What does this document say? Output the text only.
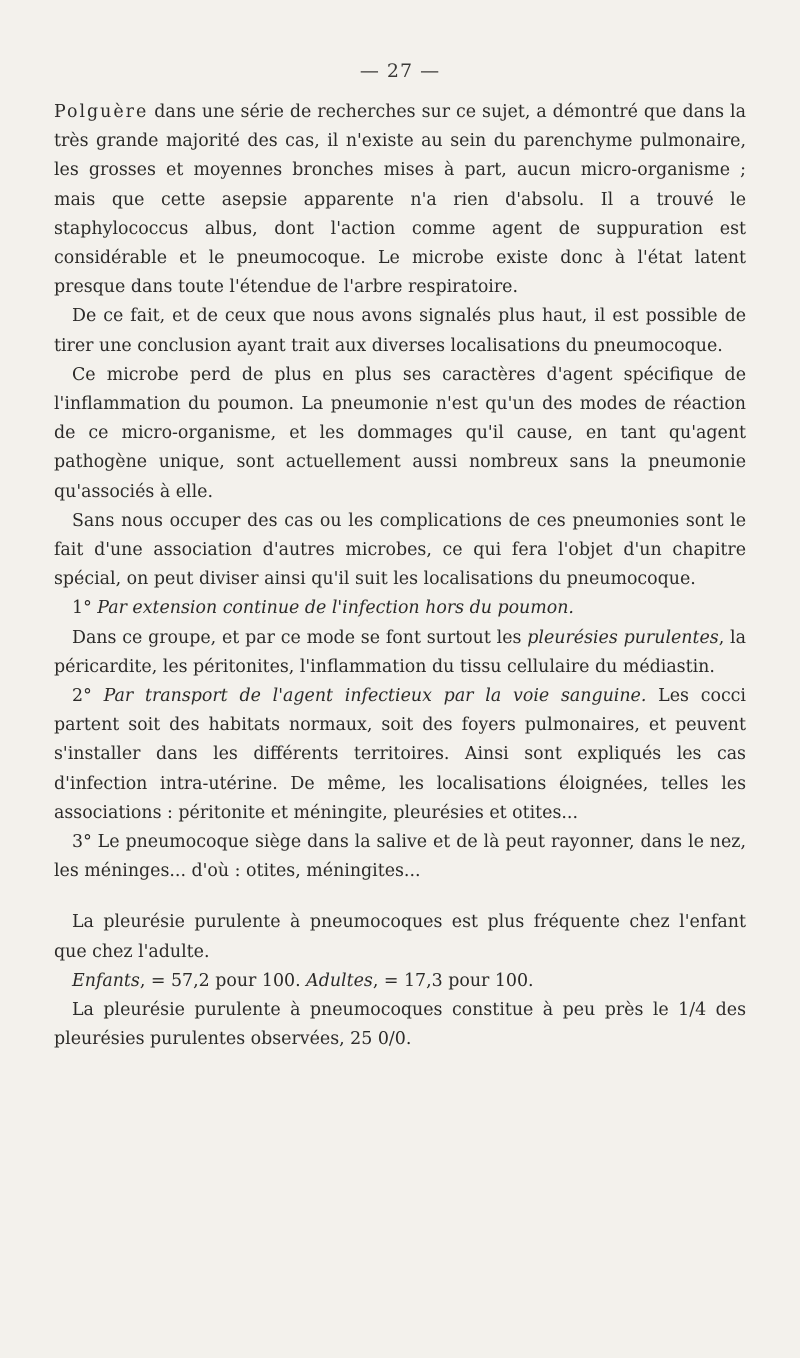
— 27 —

Polguère dans une série de recherches sur ce sujet, a démontré que dans la très grande majorité des cas, il n'existe au sein du parenchyme pulmonaire, les grosses et moyennes bronches mises à part, aucun micro-organisme ; mais que cette asepsie apparente n'a rien d'absolu. Il a trouvé le staphylococcus albus, dont l'action comme agent de suppuration est considérable et le pneumocoque. Le microbe existe donc à l'état latent presque dans toute l'étendue de l'arbre respiratoire.

De ce fait, et de ceux que nous avons signalés plus haut, il est possible de tirer une conclusion ayant trait aux diverses localisations du pneumocoque.

Ce microbe perd de plus en plus ses caractères d'agent spécifique de l'inflammation du poumon. La pneumonie n'est qu'un des modes de réaction de ce micro-organisme, et les dommages qu'il cause, en tant qu'agent pathogène unique, sont actuellement aussi nombreux sans la pneumonie qu'associés à elle.

Sans nous occuper des cas ou les complications de ces pneumonies sont le fait d'une association d'autres microbes, ce qui fera l'objet d'un chapitre spécial, on peut diviser ainsi qu'il suit les localisations du pneumocoque.

1° Par extension continue de l'infection hors du poumon.

Dans ce groupe, et par ce mode se font surtout les pleurésies purulentes, la péricardite, les péritonites, l'inflammation du tissu cellulaire du médiastin.

2° Par transport de l'agent infectieux par la voie sanguine. Les cocci partent soit des habitats normaux, soit des foyers pulmonaires, et peuvent s'installer dans les différents territoires. Ainsi sont expliqués les cas d'infection intra-utérine. De même, les localisations éloignées, telles les associations : péritonite et méningite, pleurésies et otites...

3° Le pneumocoque siège dans la salive et de là peut rayonner, dans le nez, les méninges... d'où : otites, méningites...

La pleurésie purulente à pneumocoques est plus fréquente chez l'enfant que chez l'adulte.

Enfants, = 57,2 pour 100. Adultes, = 17,3 pour 100.

La pleurésie purulente à pneumocoques constitue à peu près le 1/4 des pleurésies purulentes observées, 25 0/0.
